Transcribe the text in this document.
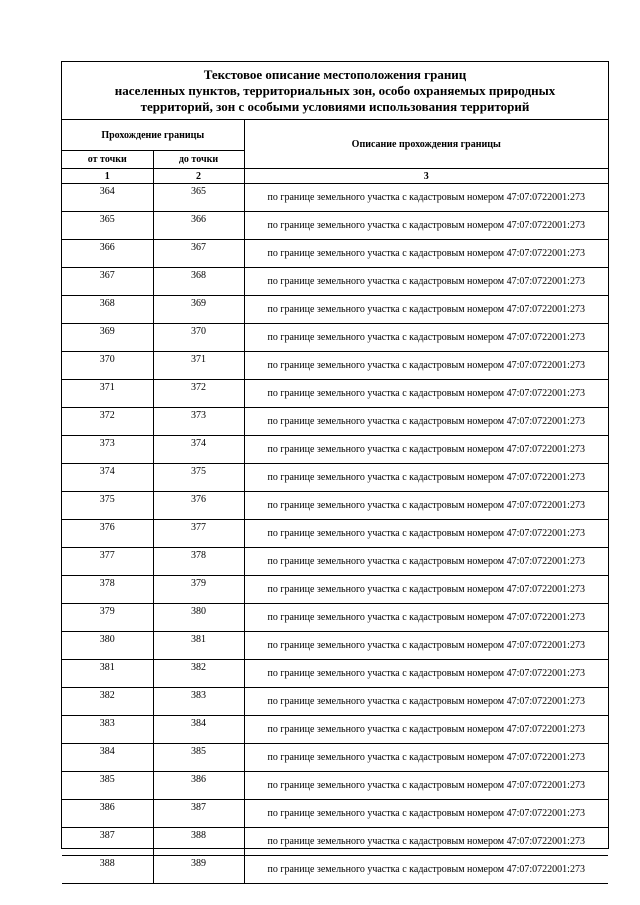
Текстовое описание местоположения границ
населенных пунктов, территориальных зон, особо охраняемых природных
территорий, зон с особыми условиями использования территорий
Прохождение границы		Описание прохождения границы
от точки	до точки	
1	2	3
364	365	по границе земельного участка с кадастровым номером 47:07:0722001:273
365	366	по границе земельного участка с кадастровым номером 47:07:0722001:273
366	367	по границе земельного участка с кадастровым номером 47:07:0722001:273
367	368	по границе земельного участка с кадастровым номером 47:07:0722001:273
368	369	по границе земельного участка с кадастровым номером 47:07:0722001:273
369	370	по границе земельного участка с кадастровым номером 47:07:0722001:273
370	371	по границе земельного участка с кадастровым номером 47:07:0722001:273
371	372	по границе земельного участка с кадастровым номером 47:07:0722001:273
372	373	по границе земельного участка с кадастровым номером 47:07:0722001:273
373	374	по границе земельного участка с кадастровым номером 47:07:0722001:273
374	375	по границе земельного участка с кадастровым номером 47:07:0722001:273
375	376	по границе земельного участка с кадастровым номером 47:07:0722001:273
376	377	по границе земельного участка с кадастровым номером 47:07:0722001:273
377	378	по границе земельного участка с кадастровым номером 47:07:0722001:273
378	379	по границе земельного участка с кадастровым номером 47:07:0722001:273
379	380	по границе земельного участка с кадастровым номером 47:07:0722001:273
380	381	по границе земельного участка с кадастровым номером 47:07:0722001:273
381	382	по границе земельного участка с кадастровым номером 47:07:0722001:273
382	383	по границе земельного участка с кадастровым номером 47:07:0722001:273
383	384	по границе земельного участка с кадастровым номером 47:07:0722001:273
384	385	по границе земельного участка с кадастровым номером 47:07:0722001:273
385	386	по границе земельного участка с кадастровым номером 47:07:0722001:273
386	387	по границе земельного участка с кадастровым номером 47:07:0722001:273
387	388	по границе земельного участка с кадастровым номером 47:07:0722001:273
388	389	по границе земельного участка с кадастровым номером 47:07:0722001:273
